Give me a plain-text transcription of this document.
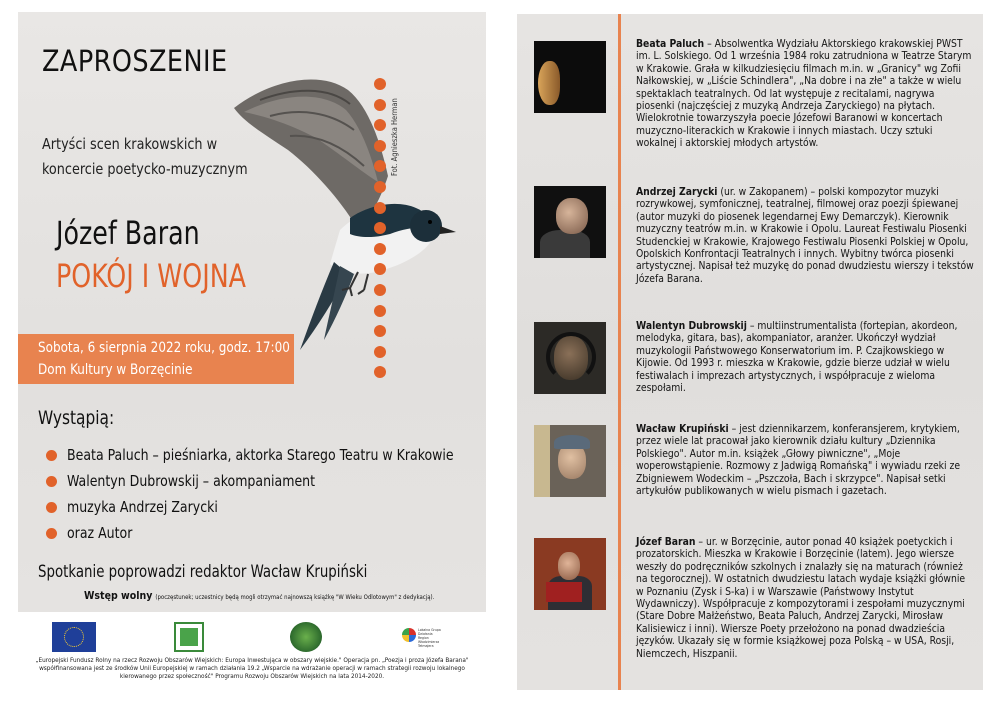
ZAPROSZENIE
Artyści scen krakowskich w
koncercie poetycko-muzycznym	Fot. Agnieszka Herman
Józef Baran
POKÓJ I WOJNA
Sobota, 6 sierpnia 2022 roku, godz. 17:00
Dom Kultury w Borzęcinie
Wystąpią:
Beata Paluch – pieśniarka, aktorka Starego Teatru w Krakowie
Walentyn Dubrowskij – akompaniament
muzyka Andrzej Zarycki
oraz Autor
Spotkanie poprowadzi redaktor Wacław Krupiński
Wstęp wolny (poczęstunek; uczestnicy będą mogli otrzymać najnowszą książkę "W Wieku Odlotowym" z dedykacją).
Lokalna Grupa Działania Region Włodzimierza Tetmajera
„Europejski Fundusz Rolny na rzecz Rozwoju Obszarów Wiejskich: Europa Inwestująca w obszary wiejskie." Operacja pn. „Poezja i proza Józefa Barana" współfinansowana jest ze środków Unii Europejskiej w ramach działania 19.2 „Wsparcie na wdrażanie operacji w ramach strategii rozwoju lokalnego kierowanego przez społeczność" Programu Rozwoju Obszarów Wiejskich na lata 2014-2020.
Beata Paluch – Absolwentka Wydziału Aktorskiego krakowskiej PWST im. L. Solskiego. Od 1 września 1984 roku zatrudniona w Teatrze Starym w Krakowie. Grała w kilkudziesięciu filmach m.in. w „Granicy" wg Zofii Nałkowskiej, w „Liście Schindlera", „Na dobre i na złe" a także w wielu spektaklach teatralnych. Od lat występuje z recitalami, nagrywa piosenki (najczęściej z muzyką Andrzeja Zaryckiego) na płytach. Wielokrotnie towarzyszyła poecie Józefowi Baranowi w koncertach muzyczno-literackich w Krakowie i innych miastach. Uczy sztuki wokalnej i aktorskiej młodych artystów.
Andrzej Zarycki (ur. w Zakopanem) – polski kompozytor muzyki rozrywkowej, symfonicznej, teatralnej, filmowej oraz poezji śpiewanej (autor muzyki do piosenek legendarnej Ewy Demarczyk). Kierownik muzyczny teatrów m.in. w Krakowie i Opolu. Laureat Festiwalu Piosenki Studenckiej w Krakowie, Krajowego Festiwalu Piosenki Polskiej w Opolu, Opolskich Konfrontacji Teatralnych i innych. Wybitny twórca piosenki artystycznej. Napisał też muzykę do ponad dwudziestu wierszy i tekstów Józefa Barana.
Walentyn Dubrowskij – multiinstrumentalista (fortepian, akordeon, melodyka, gitara, bas), akompaniator, aranżer. Ukończył wydział muzykologii Państwowego Konserwatorium im. P. Czajkowskiego w Kijowie. Od 1993 r. mieszka w Krakowie, gdzie bierze udział w wielu festiwalach i imprezach artystycznych, i współpracuje z wieloma zespołami.
Wacław Krupiński – jest dziennikarzem, konferansjerem, krytykiem, przez wiele lat pracował jako kierownik działu kultury „Dziennika Polskiego". Autor m.in. książek „Głowy piwniczne", „Moje woperowstąpienie. Rozmowy z Jadwigą Romańską" i wywiadu rzeki ze Zbigniewem Wodeckim – „Pszczoła, Bach i skrzypce". Napisał setki artykułów publikowanych w wielu pismach i gazetach.
Józef Baran – ur. w Borzęcinie, autor ponad 40 książek poetyckich i prozatorskich. Mieszka w Krakowie i Borzęcinie (latem). Jego wiersze weszły do podręczników szkolnych i znalazły się na maturach (również na tegorocznej). W ostatnich dwudziestu latach wydaje książki głównie w Poznaniu (Zysk i S-ka) i w Warszawie (Państwowy Instytut Wydawniczy). Współpracuje z kompozytorami i zespołami muzycznymi (Stare Dobre Małżeństwo, Beata Paluch, Andrzej Zarycki, Mirosław Kalisiewicz i inni). Wiersze Poety przełożono na ponad dwadzieścia języków. Ukazały się w formie książkowej poza Polską – w USA, Rosji, Niemczech, Hiszpanii.
